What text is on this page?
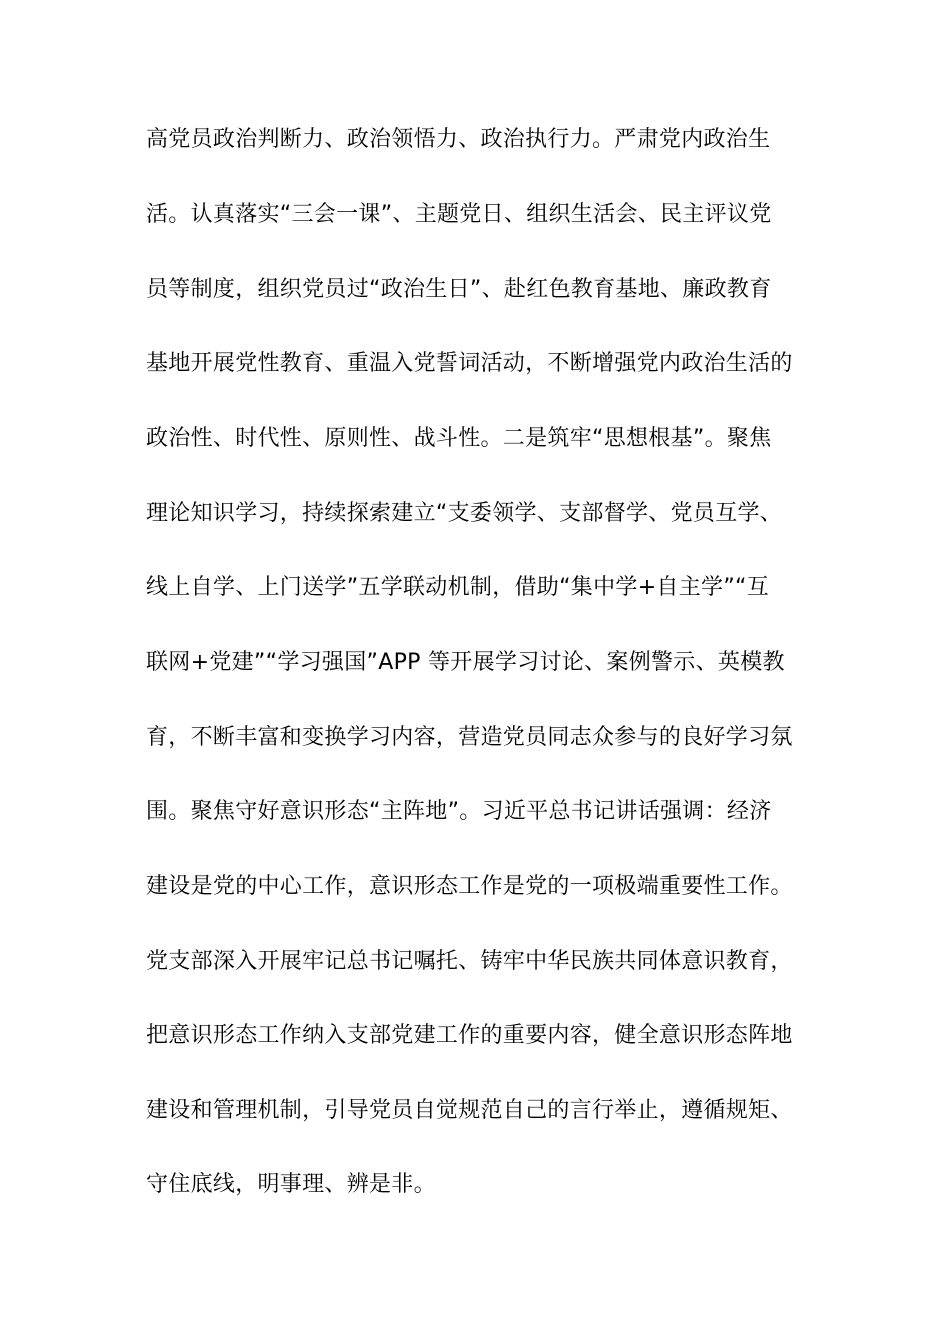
高党员政治判断力、政治领悟力、政治执行力。严肃党内政治生
活。认真落实“三会一课”、主题党日、组织生活会、民主评议党
员等制度，组织党员过“政治生日”、赴红色教育基地、廉政教育
基地开展党性教育、重温入党誓词活动，不断增强党内政治生活的
政治性、时代性、原则性、战斗性。二是筑牢“思想根基”。聚焦
理论知识学习，持续探索建立“支委领学、支部督学、党员互学、
线上自学、上门送学”五学联动机制，借助“集中学+自主学”“互
联网+党建”“学习强国”APP 等开展学习讨论、案例警示、英模教
育，不断丰富和变换学习内容，营造党员同志众参与的良好学习氛
围。聚焦守好意识形态“主阵地”。习近平总书记讲话强调：经济
建设是党的中心工作，意识形态工作是党的一项极端重要性工作。
党支部深入开展牢记总书记嘱托、铸牢中华民族共同体意识教育，
把意识形态工作纳入支部党建工作的重要内容，健全意识形态阵地
建设和管理机制，引导党员自觉规范自己的言行举止，遵循规矩、
守住底线，明事理、辨是非。
